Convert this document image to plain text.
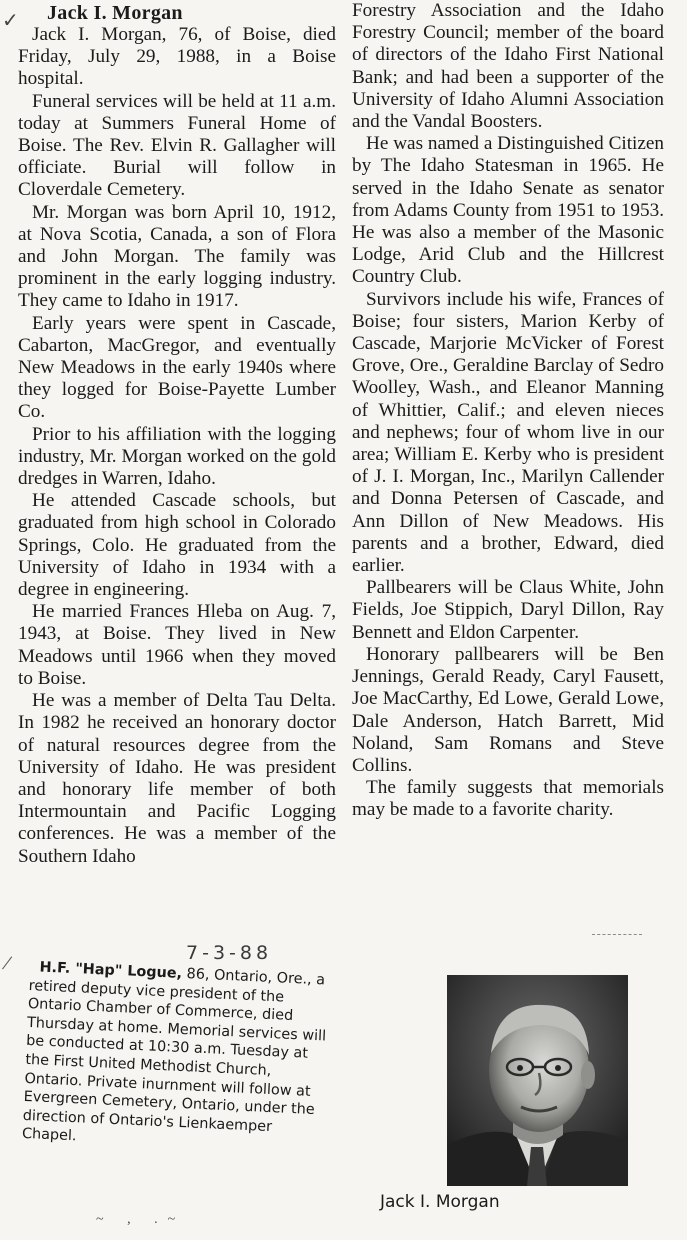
✓ Jack I. Morgan

Jack I. Morgan, 76, of Boise, died Friday, July 29, 1988, in a Boise hospital.

Funeral services will be held at 11 a.m. today at Summers Funeral Home of Boise. The Rev. Elvin R. Gallagher will officiate. Burial will follow in Cloverdale Cemetery.

Mr. Morgan was born April 10, 1912, at Nova Scotia, Canada, a son of Flora and John Morgan. The family was prominent in the early logging industry. They came to Idaho in 1917.

Early years were spent in Cascade, Cabarton, MacGregor, and eventually New Meadows in the early 1940s where they logged for Boise-Payette Lumber Co.

Prior to his affiliation with the logging industry, Mr. Morgan worked on the gold dredges in Warren, Idaho.

He attended Cascade schools, but graduated from high school in Colorado Springs, Colo. He graduated from the University of Idaho in 1934 with a degree in engineering.

He married Frances Hleba on Aug. 7, 1943, at Boise. They lived in New Meadows until 1966 when they moved to Boise.

He was a member of Delta Tau Delta. In 1982 he received an honorary doctor of natural resources degree from the University of Idaho. He was president and honorary life member of both Intermountain and Pacific Logging conferences. He was a member of the Southern Idaho

Forestry Association and the Idaho Forestry Council; member of the board of directors of the Idaho First National Bank; and had been a supporter of the University of Idaho Alumni Association and the Vandal Boosters.

He was named a Distinguished Citizen by The Idaho Statesman in 1965. He served in the Idaho Senate as senator from Adams County from 1951 to 1953. He was also a member of the Masonic Lodge, Arid Club and the Hillcrest Country Club.

Survivors include his wife, Frances of Boise; four sisters, Marion Kerby of Cascade, Marjorie McVicker of Forest Grove, Ore., Geraldine Barclay of Sedro Woolley, Wash., and Eleanor Manning of Whittier, Calif.; and eleven nieces and nephews; four of whom live in our area; William E. Kerby who is president of J. I. Morgan, Inc., Marilyn Callender and Donna Petersen of Cascade, and Ann Dillon of New Meadows. His parents and a brother, Edward, died earlier.

Pallbearers will be Claus White, John Fields, Joe Stippich, Daryl Dillon, Ray Bennett and Eldon Carpenter.

Honorary pallbearers will be Ben Jennings, Gerald Ready, Caryl Fausett, Joe MacCarthy, Ed Lowe, Gerald Lowe, Dale Anderson, Hatch Barrett, Mid Noland, Sam Romans and Steve Collins.

The family suggests that memorials may be made to a favorite charity.

/	7-3-88

H.F. "Hap" Logue, 86, Ontario, Ore., a retired deputy vice president of the Ontario Chamber of Commerce, died Thursday at home. Memorial services will be conducted at 10:30 a.m. Tuesday at the First United Methodist Church, Ontario. Private inurnment will follow at Evergreen Cemetery, Ontario, under the direction of Ontario's Lienkaemper Chapel.

~ , .~
Jack I. Morgan
